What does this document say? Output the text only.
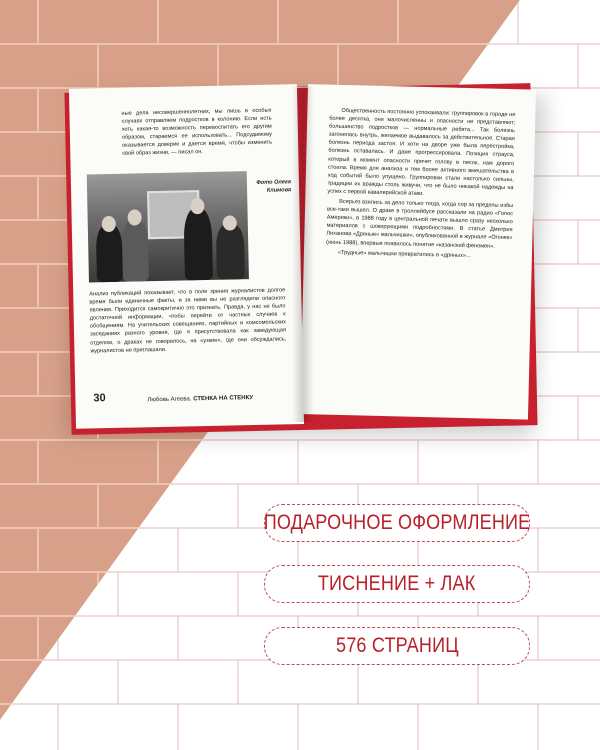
ные дела несовершеннолетних, мы лишь в особых случаях отправляем подростков в колонию. Если есть хоть какая-то возможность перевоспитать его другим образом, стараемся ее использовать... Подсудимому оказывается доверие и дается время, чтобы изменить свой образ жизни, — писал он.
Фото Олега Климова
Анализ публикаций показывает, что в поле зрения журналистов долгое время были единичные факты, и за ними вы не разглядели опасного явления. Приходится самокритично это признать. Правда, у нас не было достаточной информации, чтобы перейти от частных случаев к обобщениям. На учительских совещаниях, партийных и комсомольских заседаниях разного уровня, где я присутствовала как заведующая отделом, о драках не говорилось, на «узкие», где они обсуждались, журналистов не приглашали.
30	Любовь Агеева. СТЕНКА НА СТЕНКУ
Общественность постоянно успокаивали: группировок в городе не более десятка, они малочисленны и опасности не представляют; большинство подростков — нормальные ребята... Так болезнь загонялась внутрь, желаемое выдавалось за действительное. Старая болезнь периода застоя. И хотя на дворе уже была перестройка, болезнь оставалась. И даже прогрессировала. Позиция страуса, который в момент опасности прячет голову в песок, нам дорого стоила. Время для анализа и тем более активного вмешательства в ход событий было упущено. Группировки стали настолько сильны, традиции их вражды столь живучи, что не было никакой надежды на успех с первой кавалерийской атаки.
Всерьез взялись за дело только тогда, когда сор за пределы избы все-таки вышел. О драке в троллейбусе рассказали на радио «Голос Америки», в 1988 году в центральной печати вышло сразу несколько материалов с шокирующими подробностями. В статье Дмитрия Лиханова «Дряные» мальчишки», опубликованной в журнале «Огонек» (июнь 1988), впервые появилось понятие «казанский феномен».
«Трудные» мальчишки превратились в «дряных»...
ПОДАРОЧНОЕ ОФОРМЛЕНИЕ
ТИСНЕНИЕ + ЛАК
576 СТРАНИЦ
